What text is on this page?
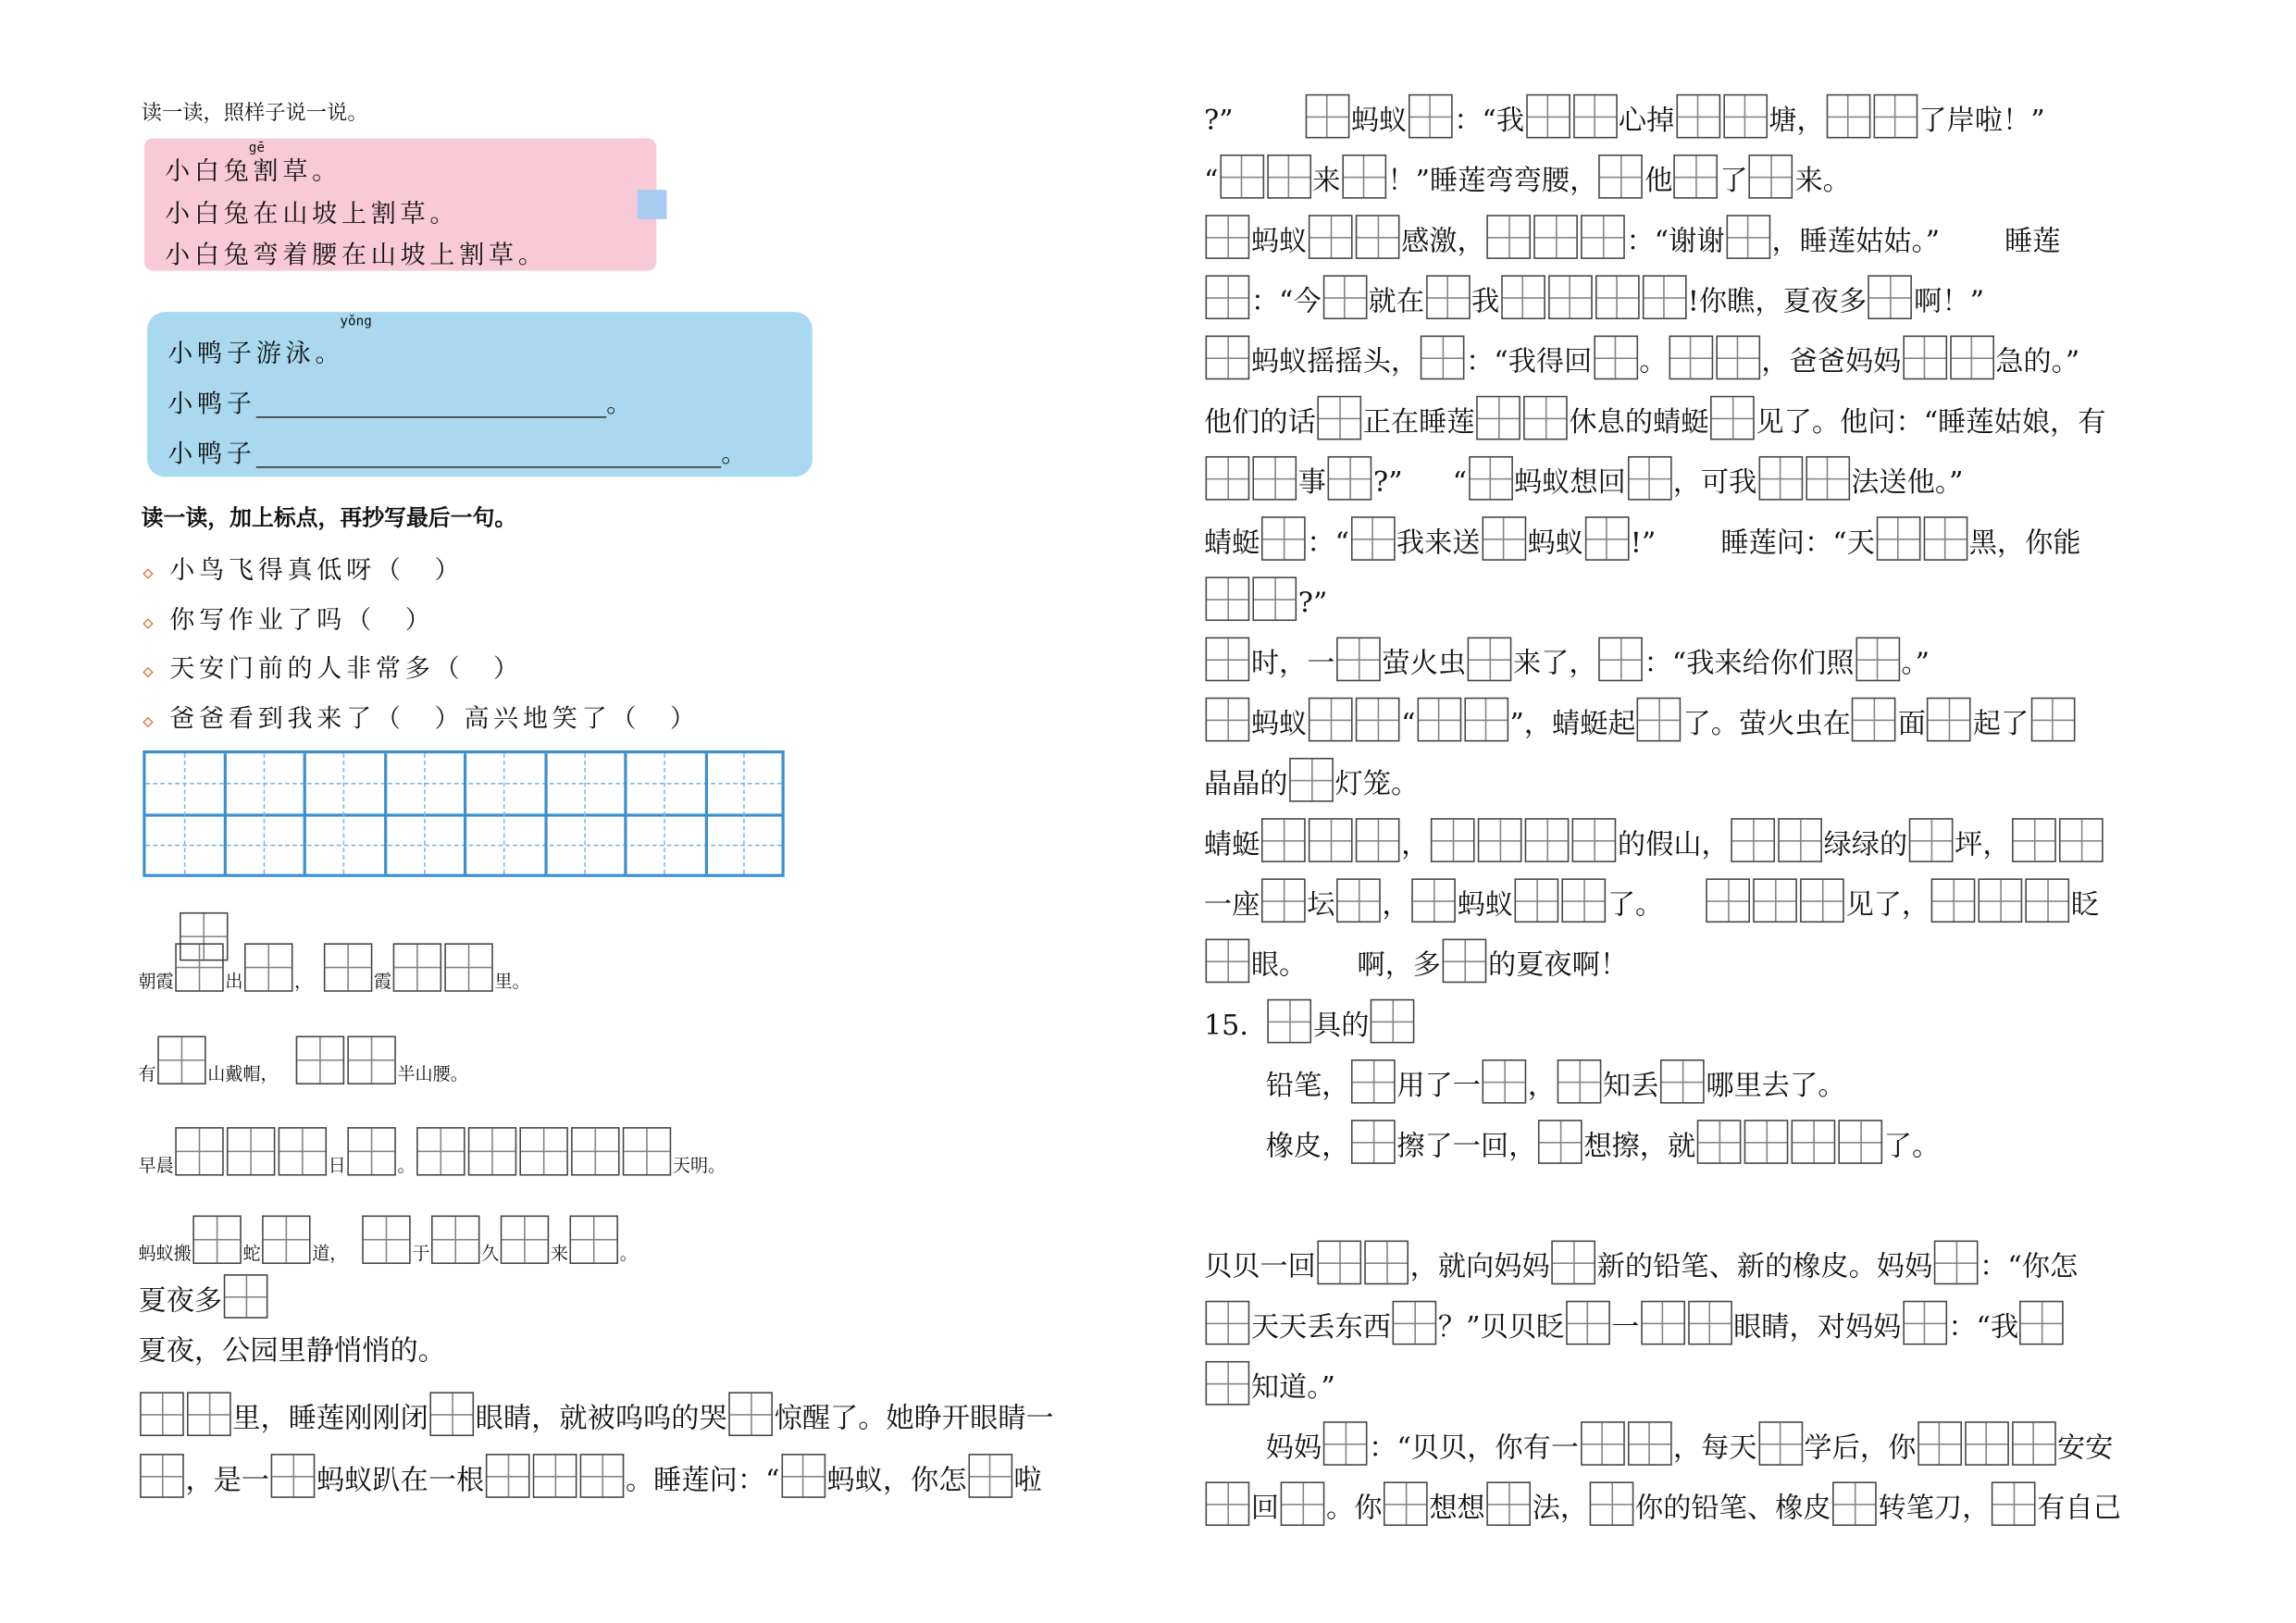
读一读，照样子说一说。
gē
小白兔割草。
小白兔在山坡上割草。
小白兔弯着腰在山坡上割草。
yǒng
小鸭子游泳。
小鸭子	。
小鸭子	。
读一读，加上标点，再抄写最后一句。
◇ 小鸟飞得真低呀（　）
◇ 你写作业了吗（　）
◇ 天安门前的人非常多（　）
◇ 爸爸看到我来了（　）高兴地笑了（　）
朝霞	出	，	霞	里。
有	山戴帽，	半山腰。
早晨	日	。	天明。
蚂蚁搬	蛇	道，	于	久	来	。
夏夜多
夏夜，公园里静悄悄的。
里，睡莲刚刚闭	眼睛，就被呜呜的哭	惊醒了。她睁开眼睛一
，是一	蚂蚁趴在一根	。睡莲问：“	蚂蚁，你怎	啦
?”	蚂蚁	：“我	心掉	塘，	了岸啦！”
“	来	！”睡莲弯弯腰，	他	了	来。
蚂蚁	感激，	：“谢谢	，睡莲姑姑。”	睡莲
：“今	就在	我	!你瞧，夏夜多	啊！”
蚂蚁摇摇头，	：“我得回	。	，爸爸妈妈	急的。”
他们的话	正在睡莲	休息的蜻蜓	见了。他问：“睡莲姑娘，有
事	?”	“	蚂蚁想回	，可我	法送他。”
蜻蜓	：“	我来送	蚂蚁	!”	睡莲问：“天	黑，你能
?”
时，一	萤火虫	来了，	：“我来给你们照	。”
蚂蚁	“	”，蜻蜓起	了。萤火虫在	面	起了
晶晶的	灯笼。
蜻蜓	，	的假山，	绿绿的	坪，
一座	坛	，	蚂蚁	了。	见了，	眨
眼。	啊，多	的夏夜啊！
15.	具的
铅笔，	用了一	，	知丢	哪里去了。
橡皮，	擦了一回，	想擦，就	了。
贝贝一回	，就向妈妈	新的铅笔、新的橡皮。妈妈	：“你怎
天天丢东西	？”贝贝眨	一	眼睛，对妈妈	：“我
知道。”
妈妈	：“贝贝，你有一	，每天	学后，你	安安
回	。你	想想	法，	你的铅笔、橡皮	转笔刀，	有自己
